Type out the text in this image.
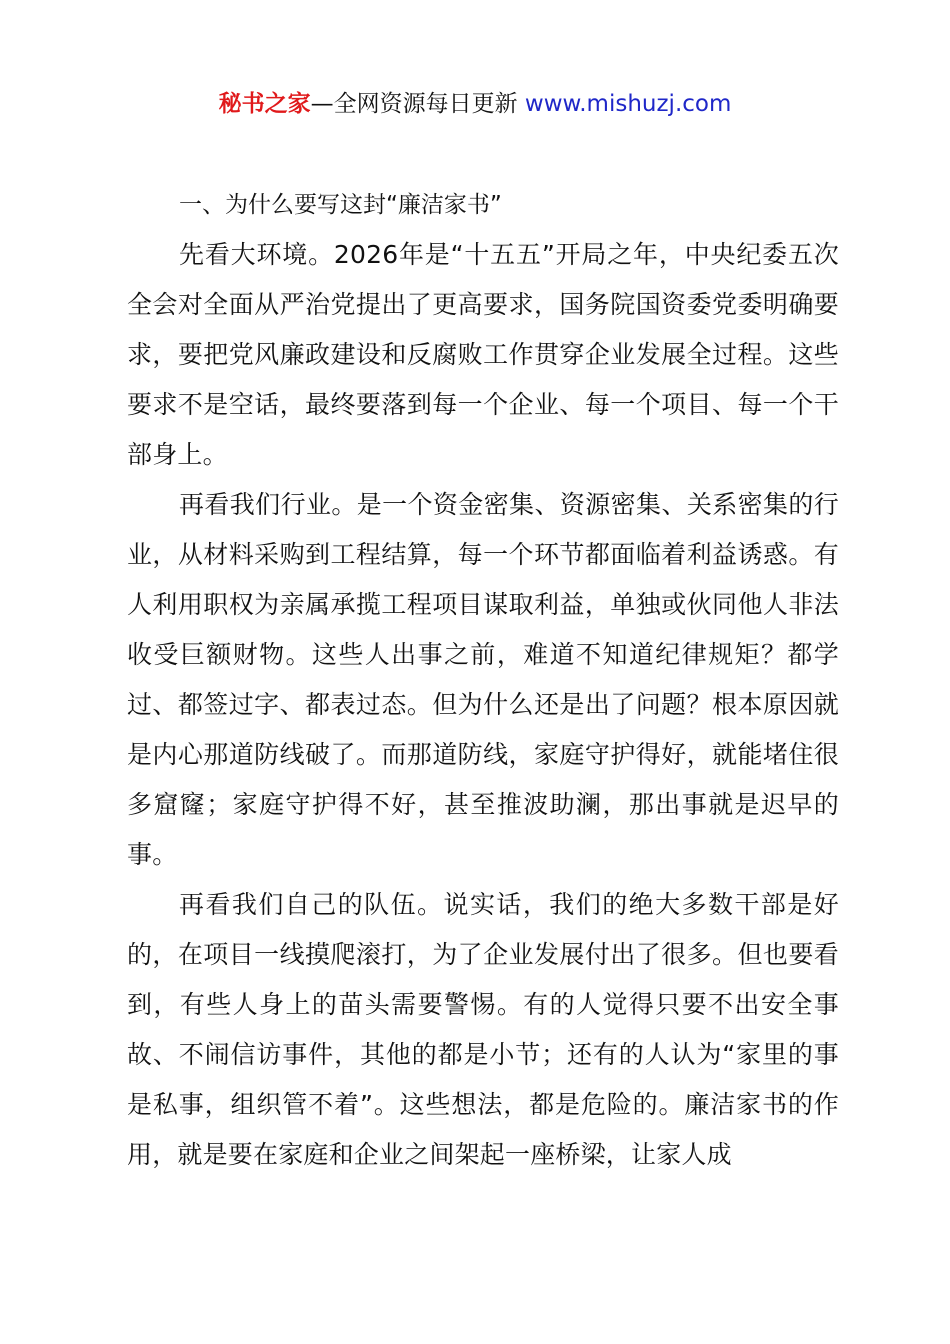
秘书之家—全网资源每日更新 www.mishuzj.com

一、为什么要写这封“廉洁家书”

先看大环境。2026年是“十五五”开局之年，中央纪委五次全会对全面从严治党提出了更高要求，国务院国资委党委明确要求，要把党风廉政建设和反腐败工作贯穿企业发展全过程。这些要求不是空话，最终要落到每一个企业、每一个项目、每一个干部身上。

再看我们行业。是一个资金密集、资源密集、关系密集的行业，从材料采购到工程结算，每一个环节都面临着利益诱惑。有人利用职权为亲属承揽工程项目谋取利益，单独或伙同他人非法收受巨额财物。这些人出事之前，难道不知道纪律规矩？都学过、都签过字、都表过态。但为什么还是出了问题？根本原因就是内心那道防线破了。而那道防线，家庭守护得好，就能堵住很多窟窿；家庭守护得不好，甚至推波助澜，那出事就是迟早的事。

再看我们自己的队伍。说实话，我们的绝大多数干部是好的，在项目一线摸爬滚打，为了企业发展付出了很多。但也要看到，有些人身上的苗头需要警惕。有的人觉得只要不出安全事故、不闹信访事件，其他的都是小节；还有的人认为“家里的事是私事，组织管不着”。这些想法，都是危险的。廉洁家书的作用，就是要在家庭和企业之间架起一座桥梁，让家人成
